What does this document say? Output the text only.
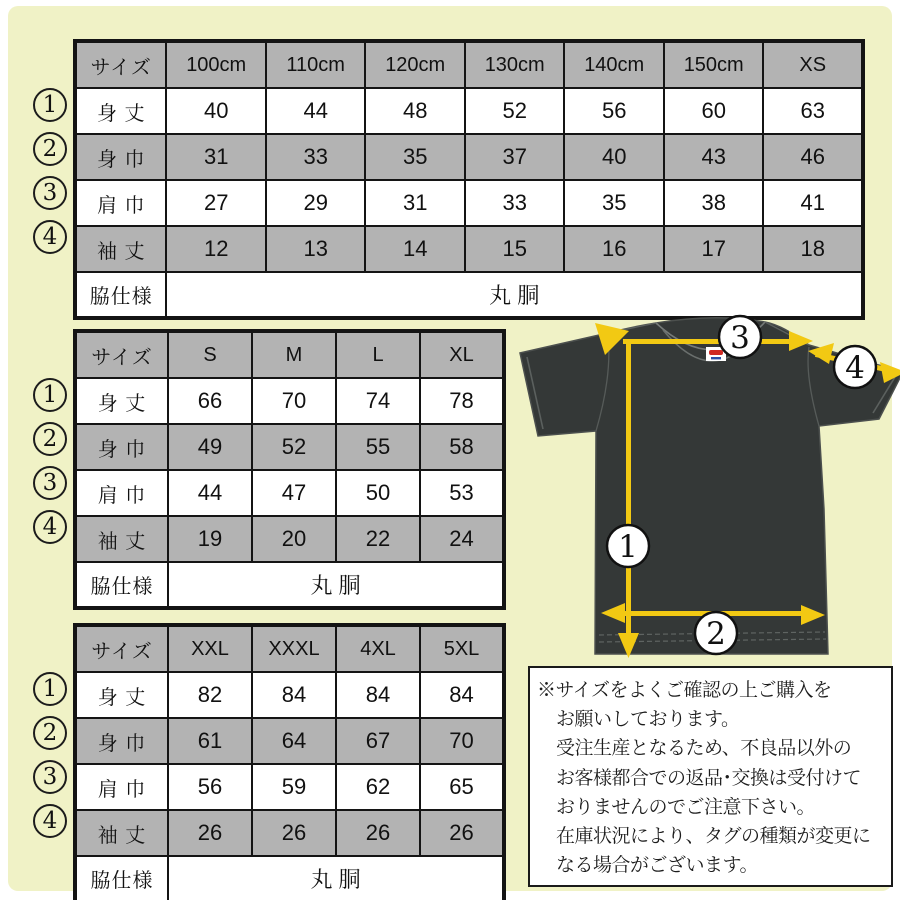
1
2
3
4
サイズ	100cm	110cm	120cm	130cm	140cm	150cm	XS
身 丈	40	44	48	52	56	60	63
身 巾	31	33	35	37	40	43	46
肩 巾	27	29	31	33	35	38	41
袖 丈	12	13	14	15	16	17	18
脇仕様	丸 胴						
1
2
3
4
サイズ	S	M	L	XL
身 丈	66	70	74	78
身 巾	49	52	55	58
肩 巾	44	47	50	53
袖 丈	19	20	22	24
脇仕様	丸 胴			
1
2
3
4
サイズ	XXL	XXXL	4XL	5XL
身 丈	82	84	84	84
身 巾	61	64	67	70
肩 巾	56	59	62	65
袖 丈	26	26	26	26
脇仕様	丸 胴			
3
4
1
2

※サイズをよくご確認の上ご購入を

お願いしております。

受注生産となるため、不良品以外の

お客様都合での返品･交換は受付けて

おりませんのでご注意下さい。

在庫状況により、タグの種類が変更に

なる場合がございます。
